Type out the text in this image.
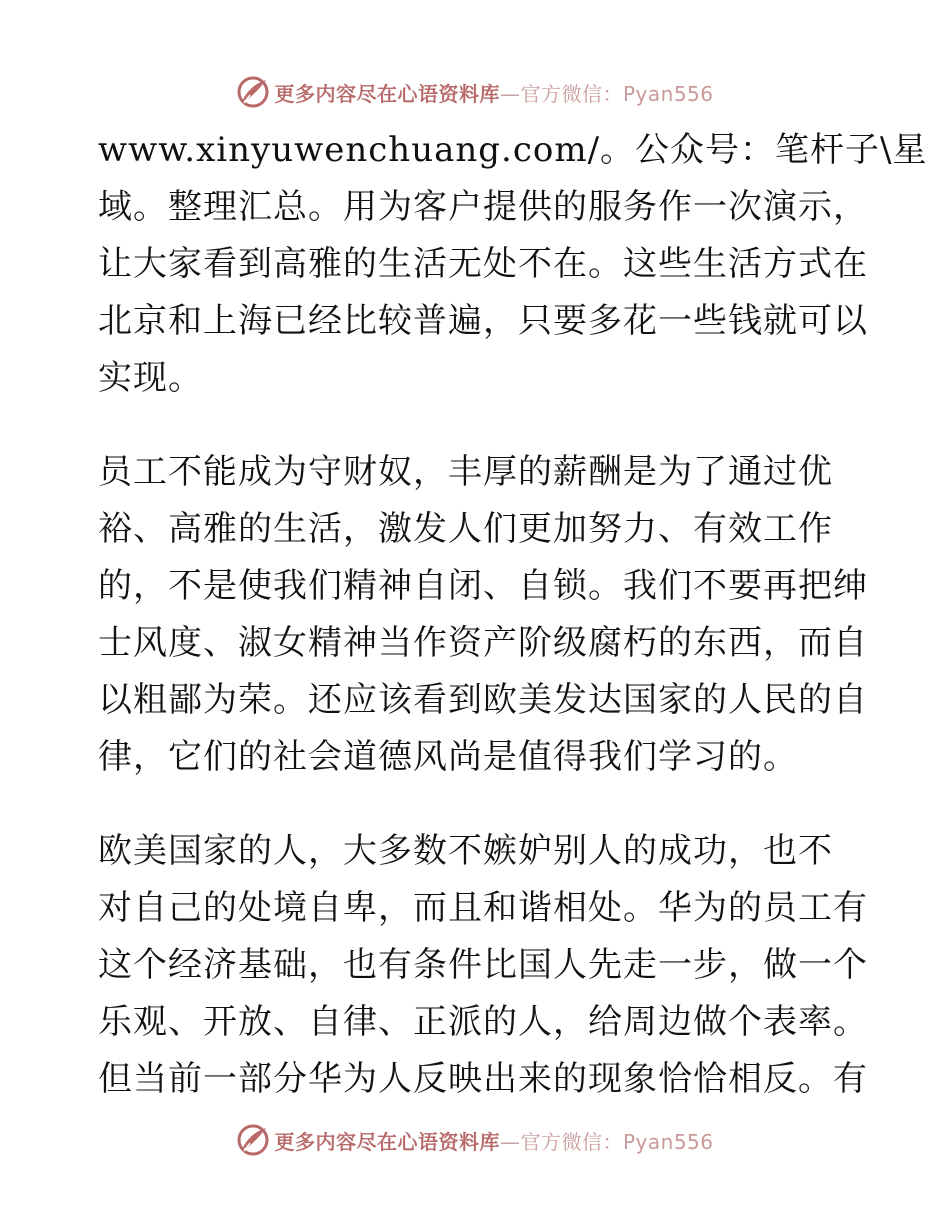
更多内容尽在心语资料库—官方微信：Pyan556
www.xinyuwenchuang.com/。公众号：笔杆子\星
域。整理汇总。用为客户提供的服务作一次演示，
让大家看到高雅的生活无处不在。这些生活方式在
北京和上海已经比较普遍，只要多花一些钱就可以
实现。
员工不能成为守财奴，丰厚的薪酬是为了通过优
裕、高雅的生活，激发人们更加努力、有效工作
的，不是使我们精神自闭、自锁。我们不要再把绅
士风度、淑女精神当作资产阶级腐朽的东西，而自
以粗鄙为荣。还应该看到欧美发达国家的人民的自
律，它们的社会道德风尚是值得我们学习的。
欧美国家的人，大多数不嫉妒别人的成功，也不
对自己的处境自卑，而且和谐相处。华为的员工有
这个经济基础，也有条件比国人先走一步，做一个
乐观、开放、自律、正派的人，给周边做个表率。
但当前一部分华为人反映出来的现象恰恰相反。有
更多内容尽在心语资料库—官方微信：Pyan556
